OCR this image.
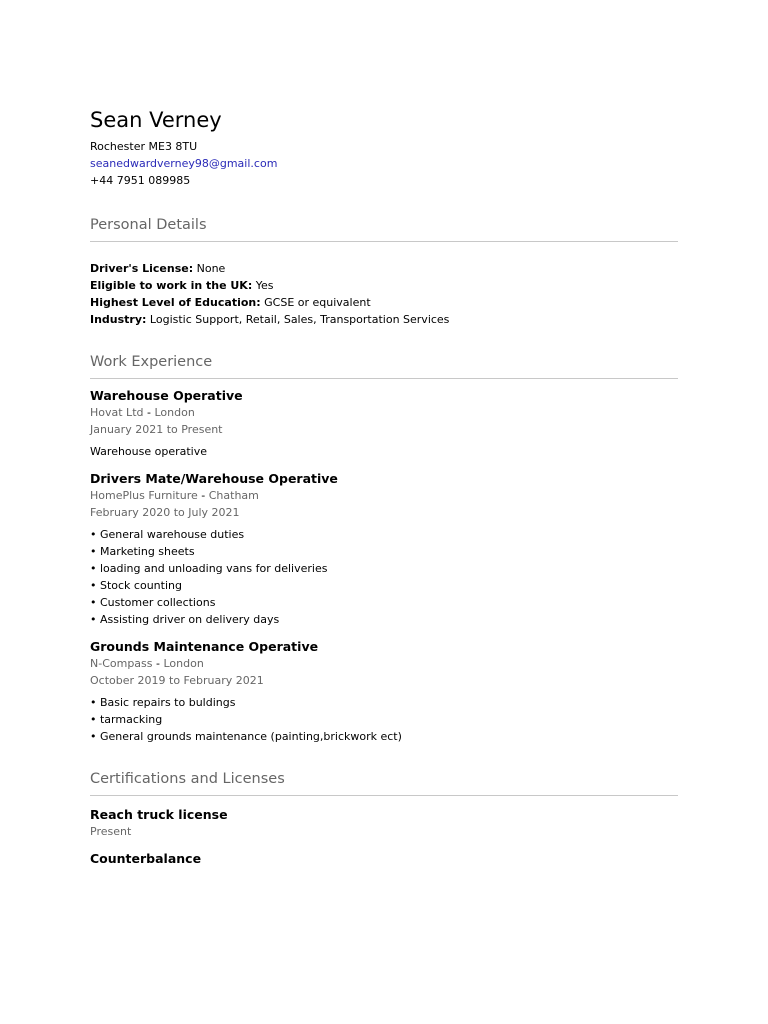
Sean Verney

Rochester ME3 8TU

seanedwardverney98@gmail.com

+44 7951 089985

Personal Details

Driver's License: None

Eligible to work in the UK: Yes

Highest Level of Education: GCSE or equivalent

Industry: Logistic Support, Retail, Sales, Transportation Services

Work Experience

Warehouse Operative

Hovat Ltd - London

January 2021 to Present

Warehouse operative

Drivers Mate/Warehouse Operative

HomePlus Furniture - Chatham

February 2020 to July 2021

• General warehouse duties

• Marketing sheets

• loading and unloading vans for deliveries

• Stock counting

• Customer collections

• Assisting driver on delivery days

Grounds Maintenance Operative

N-Compass - London

October 2019 to February 2021

• Basic repairs to buldings

• tarmacking

• General grounds maintenance (painting,brickwork ect)

Certifications and Licenses

Reach truck license

Present

Counterbalance
